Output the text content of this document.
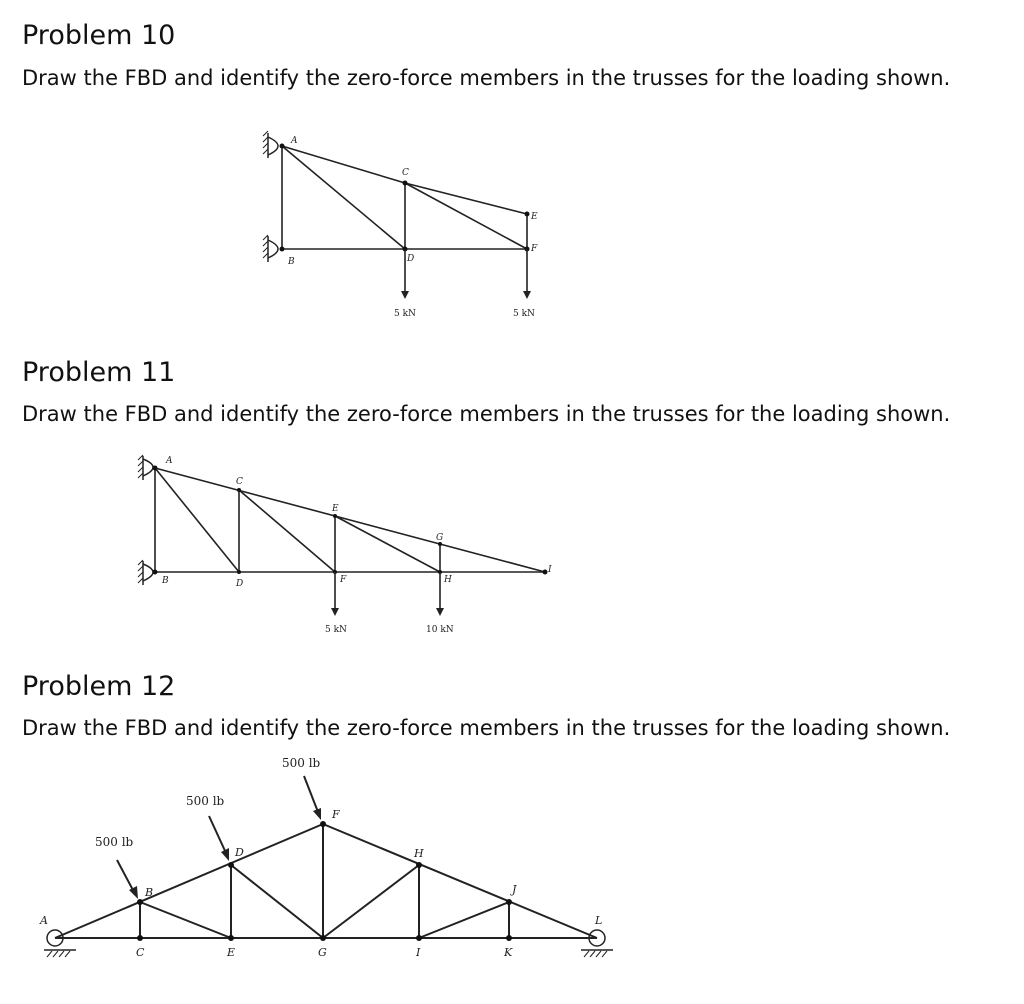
Problem 10

Draw the FBD and identify the zero-force members in the trusses for the loading shown.

A
B
C
D
E
F
5 kN	5 kN
Problem 11

Draw the FBD and identify the zero-force members in the trusses for the loading shown.

A
B
C
D
E
F
G
H
I
5 kN	10 kN
Problem 12

Draw the FBD and identify the zero-force members in the trusses for the loading shown.

A
B
C
D
E
F
G
H
I
J
K
L
500 lb
500 lb
500 lb
